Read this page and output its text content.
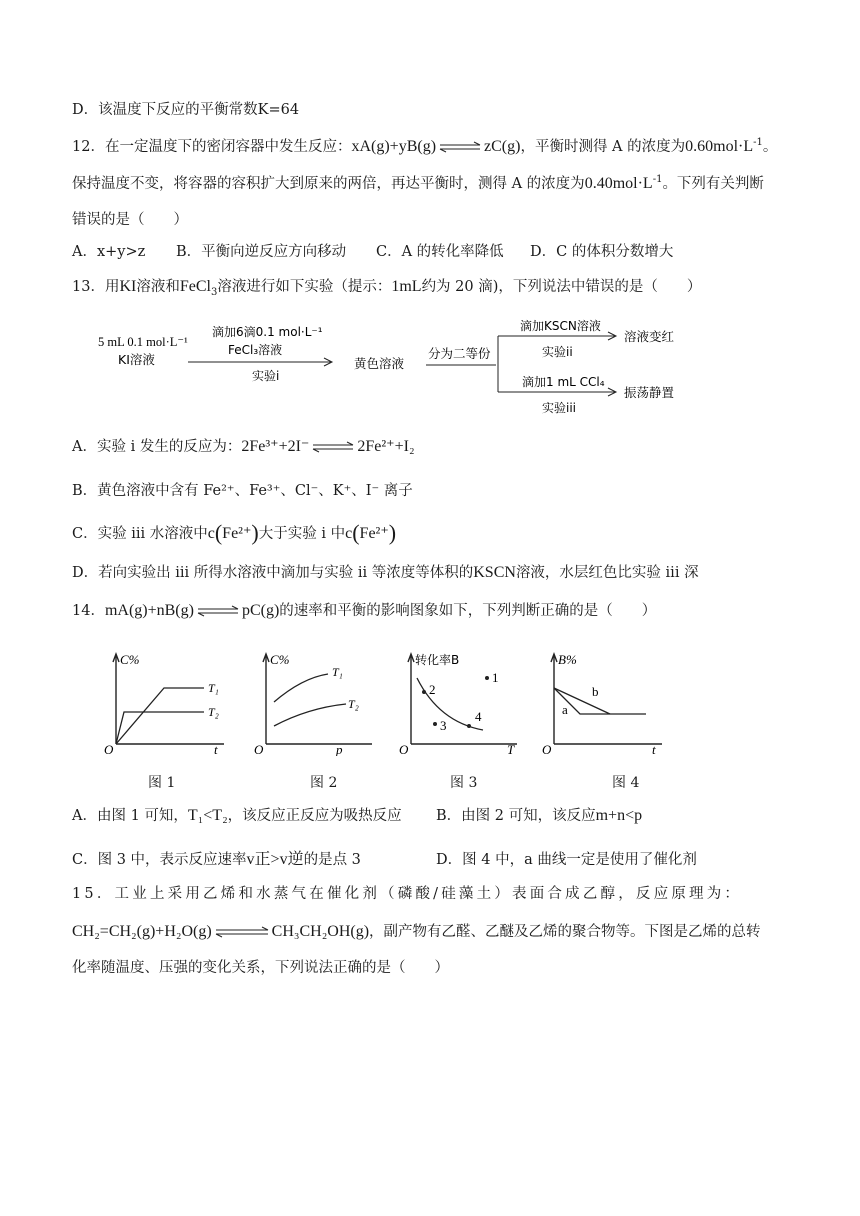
D．该温度下反应的平衡常数K=64
12．在一定温度下的密闭容器中发生反应：xA(g)+yB(g) ⇌ zC(g)，平衡时测得 A 的浓度为$0.60mol\cdot L^{-1}$。
保持温度不变，将容器的容积扩大到原来的两倍，再达平衡时，测得 A 的浓度为$0.40mol\cdot L^{-1}$。下列有关判断
错误的是（　　）
A．x+y>z B．平衡向逆反应方向移动 C．A 的转化率降低 D．C 的体积分数增大
13．用KI溶液和FeCl$_3$溶液进行如下实验（提示：1mL约为 20 滴)，下列说法中错误的是（　　）
5 mL 0.1 mol·L⁻¹
KI溶液
滴加6滴0.1 mol·L⁻¹
FeCl₃溶液
实验i
黄色溶液
分为二等份
滴加KSCN溶液
实验ii
溶液变红
滴加1 mL CCl₄
实验iii
振荡静置
A．实验 i 发生的反应为：2Fe³⁺+2I⁻ ⇌ 2Fe²⁺+I₂
B．黄色溶液中含有 Fe²⁺、Fe³⁺、Cl⁻、K⁺、I⁻ 离子
C．实验 iii 水溶液中c(Fe²⁺)大于实验 i 中c(Fe²⁺)
D．若向实验出 iii 所得水溶液中滴加与实验 ii 等浓度等体积的KSCN溶液，水层红色比实验 iii 深
14．mA(g)+nB(g) ⇌ pC(g)的速率和平衡的影响图象如下，下列判断正确的是（　　）
C%
O	t
T₁
T₂
图 1
C%
O	p
T₁
T₂
图 2
转化率B
O	T
2
1
3
4
图 3
B%
O	t
a
b
图 4
A．由图 1 可知，T₁<T₂，该反应正反应为吸热反应 B．由图 2 可知，该反应m+n<p
C．图 3 中，表示反应速率v正>v逆的是点 3	D．图 4 中，a 曲线一定是使用了催化剂
15．工业上采用乙烯和水蒸气在催化剂（磷酸/硅藻土）表面合成乙醇，反应原理为：
CH₂=CH₂(g)+H₂O(g) ⇌ CH₃CH₂OH(g)，副产物有乙醛、乙醚及乙烯的聚合物等。下图是乙烯的总转
化率随温度、压强的变化关系，下列说法正确的是（　　）
